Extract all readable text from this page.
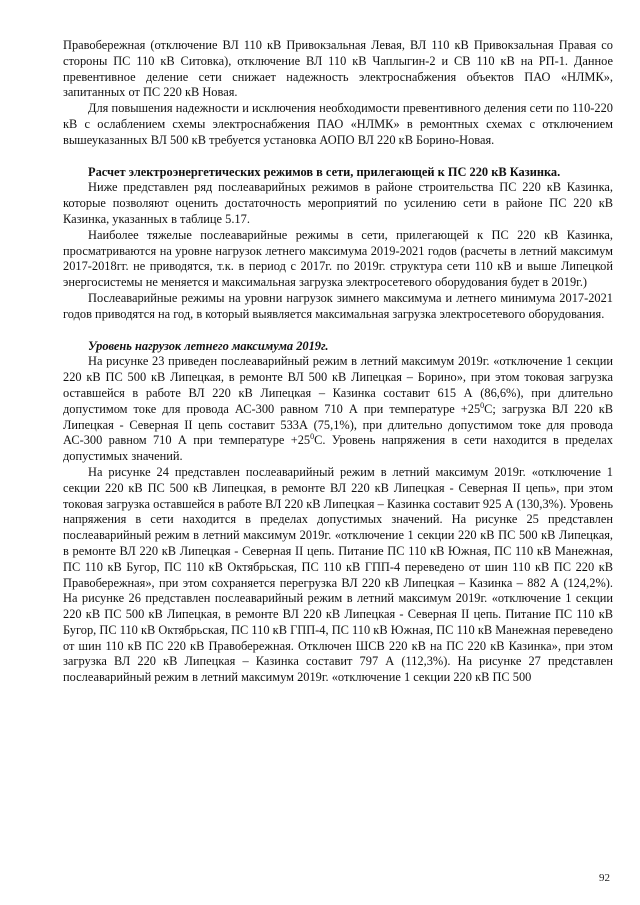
Правобережная (отключение ВЛ 110 кВ Привокзальная Левая, ВЛ 110 кВ Привокзальная Правая со стороны ПС 110 кВ Ситовка), отключение ВЛ 110 кВ Чаплыгин-2 и СВ 110 кВ на РП-1. Данное превентивное деление сети снижает надежность электроснабжения объектов ПАО «НЛМК», запитанных от ПС 220 кВ Новая.

Для повышения надежности и исключения необходимости превентивного деления сети по 110-220 кВ с ослаблением схемы электроснабжения ПАО «НЛМК» в ремонтных схемах с отключением вышеуказанных ВЛ 500 кВ требуется установка АОПО ВЛ 220 кВ Борино-Новая.

Расчет электроэнергетических режимов в сети, прилегающей к ПС 220 кВ Казинка.

Ниже представлен ряд послеаварийных режимов в районе строительства ПС 220 кВ Казинка, которые позволяют оценить достаточность мероприятий по усилению сети в районе ПС 220 кВ Казинка, указанных в таблице 5.17.

Наиболее тяжелые послеаварийные режимы в сети, прилегающей к ПС 220 кВ Казинка, просматриваются на уровне нагрузок летнего максимума 2019-2021 годов (расчеты в летний максимум 2017-2018гг. не приводятся, т.к. в период с 2017г. по 2019г. структура сети 110 кВ и выше Липецкой энергосистемы не меняется и максимальная загрузка электросетевого оборудования будет в 2019г.)

Послеаварийные режимы на уровни нагрузок зимнего максимума и летнего минимума 2017-2021 годов приводятся на год, в который выявляется максимальная загрузка электросетевого оборудования.

Уровень нагрузок летнего максимума 2019г.

На рисунке 23 приведен послеаварийный режим в летний максимум 2019г. «отключение 1 секции 220 кВ ПС 500 кВ Липецкая, в ремонте ВЛ 500 кВ Липецкая – Борино», при этом токовая загрузка оставшейся в работе ВЛ 220 кВ Липецкая – Казинка составит 615 А (86,6%), при длительно допустимом токе для провода АС-300 равном 710 А при температуре $+25^0С$; загрузка ВЛ 220 кВ Липецкая - Северная II цепь составит 533А (75,1%), при длительно допустимом токе для провода АС-300 равном 710 А при температуре $+25^0С$. Уровень напряжения в сети находится в пределах допустимых значений.

На рисунке 24 представлен послеаварийный режим в летний максимум 2019г. «отключение 1 секции 220 кВ ПС 500 кВ Липецкая, в ремонте ВЛ 220 кВ Липецкая - Северная II цепь», при этом токовая загрузка оставшейся в работе ВЛ 220 кВ Липецкая – Казинка составит 925 А (130,3%). Уровень напряжения в сети находится в пределах допустимых значений. На рисунке 25 представлен послеаварийный режим в летний максимум 2019г. «отключение 1 секции 220 кВ ПС 500 кВ Липецкая, в ремонте ВЛ 220 кВ Липецкая - Северная II цепь. Питание ПС 110 кВ Южная, ПС 110 кВ Манежная, ПС 110 кВ Бугор, ПС 110 кВ Октябрьская, ПС 110 кВ ГПП-4 переведено от шин 110 кВ ПС 220 кВ Правобережная», при этом сохраняется перегрузка ВЛ 220 кВ Липецкая – Казинка – 882 А (124,2%). На рисунке 26 представлен послеаварийный режим в летний максимум 2019г. «отключение 1 секции 220 кВ ПС 500 кВ Липецкая, в ремонте ВЛ 220 кВ Липецкая - Северная II цепь. Питание ПС 110 кВ Бугор, ПС 110 кВ Октябрьская, ПС 110 кВ ГПП-4, ПС 110 кВ Южная, ПС 110 кВ Манежная переведено от шин 110 кВ ПС 220 кВ Правобережная. Отключен ШСВ 220 кВ на ПС 220 кВ Казинка», при этом загрузка ВЛ 220 кВ Липецкая – Казинка составит 797 А (112,3%). На рисунке 27 представлен послеаварийный режим в летний максимум 2019г. «отключение 1 секции 220 кВ ПС 500

92
